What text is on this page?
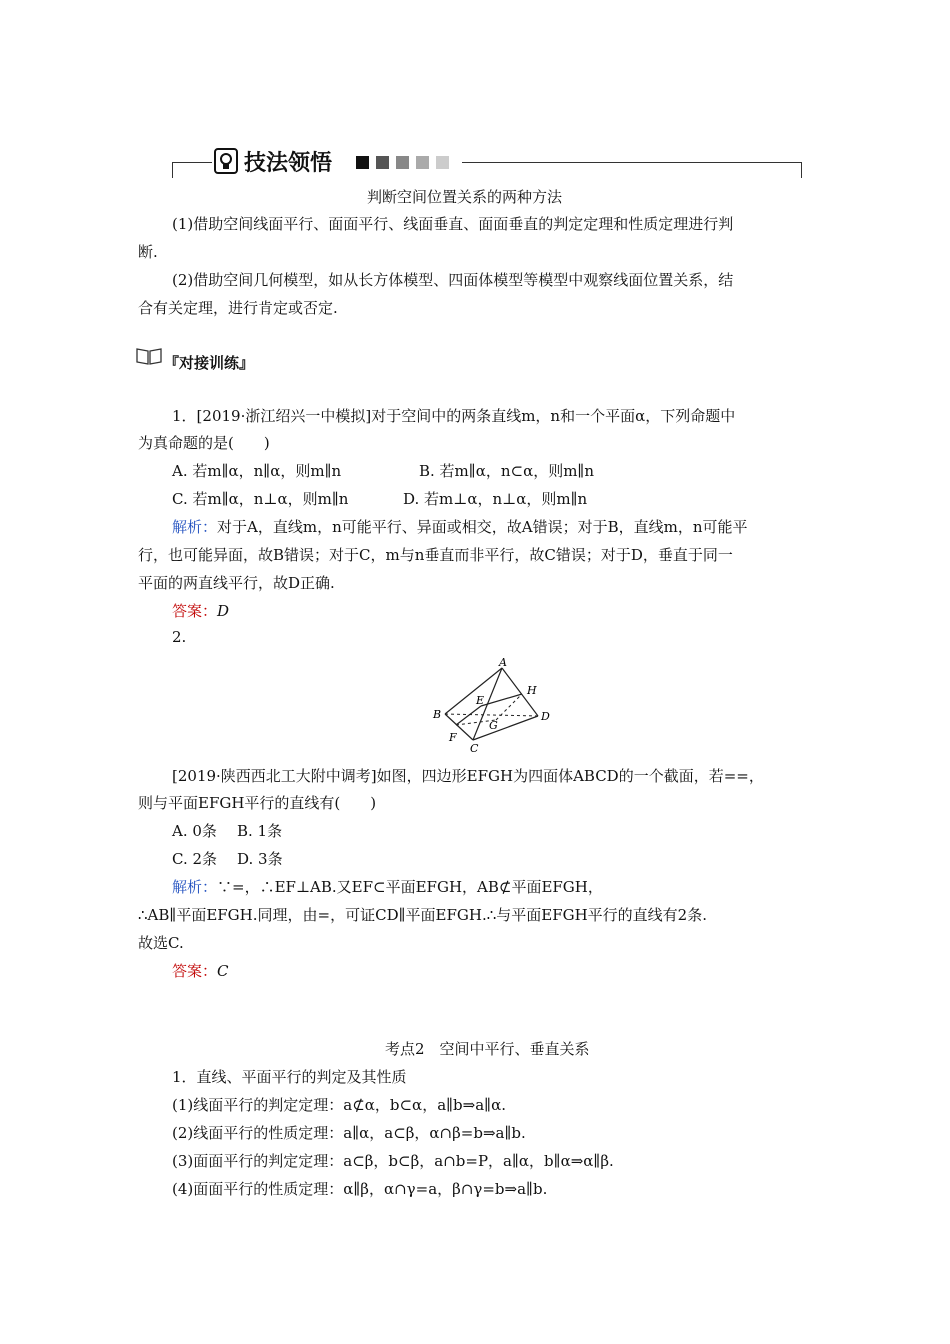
技法领悟
判断空间位置关系的两种方法
(1)借助空间线面平行、面面平行、线面垂直、面面垂直的判定定理和性质定理进行判
断.
(2)借助空间几何模型，如从长方体模型、四面体模型等模型中观察线面位置关系，结
合有关定理，进行肯定或否定.
『对接训练』
1．[2019·浙江绍兴一中模拟]对于空间中的两条直线m，n和一个平面α，下列命题中
为真命题的是(　　)
A. 若m∥α，n∥α，则m∥n	B. 若m∥α，n⊂α，则m∥n
C. 若m∥α，n⊥α，则m∥n	D. 若m⊥α，n⊥α，则m∥n
解析：对于A，直线m，n可能平行、异面或相交，故A错误；对于B，直线m，n可能平
行，也可能异面，故B错误；对于C，m与n垂直而非平行，故C错误；对于D，垂直于同一
平面的两直线平行，故D正确.
答案：D
2.
A
H
E
B
G
D
F
C
[2019·陕西西北工大附中调考]如图，四边形EFGH为四面体ABCD的一个截面，若==，
则与平面EFGH平行的直线有(　　)
A. 0条 B. 1条
C. 2条 D. 3条
解析：∵=，∴EF⊥AB.又EF⊂平面EFGH，AB⊄平面EFGH，
∴AB∥平面EFGH.同理，由=，可证CD∥平面EFGH.∴与平面EFGH平行的直线有2条.
故选C.
答案：C
考点2　空间中平行、垂直关系
1．直线、平面平行的判定及其性质
(1)线面平行的判定定理：a⊄α，b⊂α，a∥b⇒a∥α.
(2)线面平行的性质定理：a∥α，a⊂β，α∩β=b⇒a∥b.
(3)面面平行的判定定理：a⊂β，b⊂β，a∩b=P，a∥α，b∥α⇒α∥β.
(4)面面平行的性质定理：α∥β，α∩γ=a，β∩γ=b⇒a∥b.
